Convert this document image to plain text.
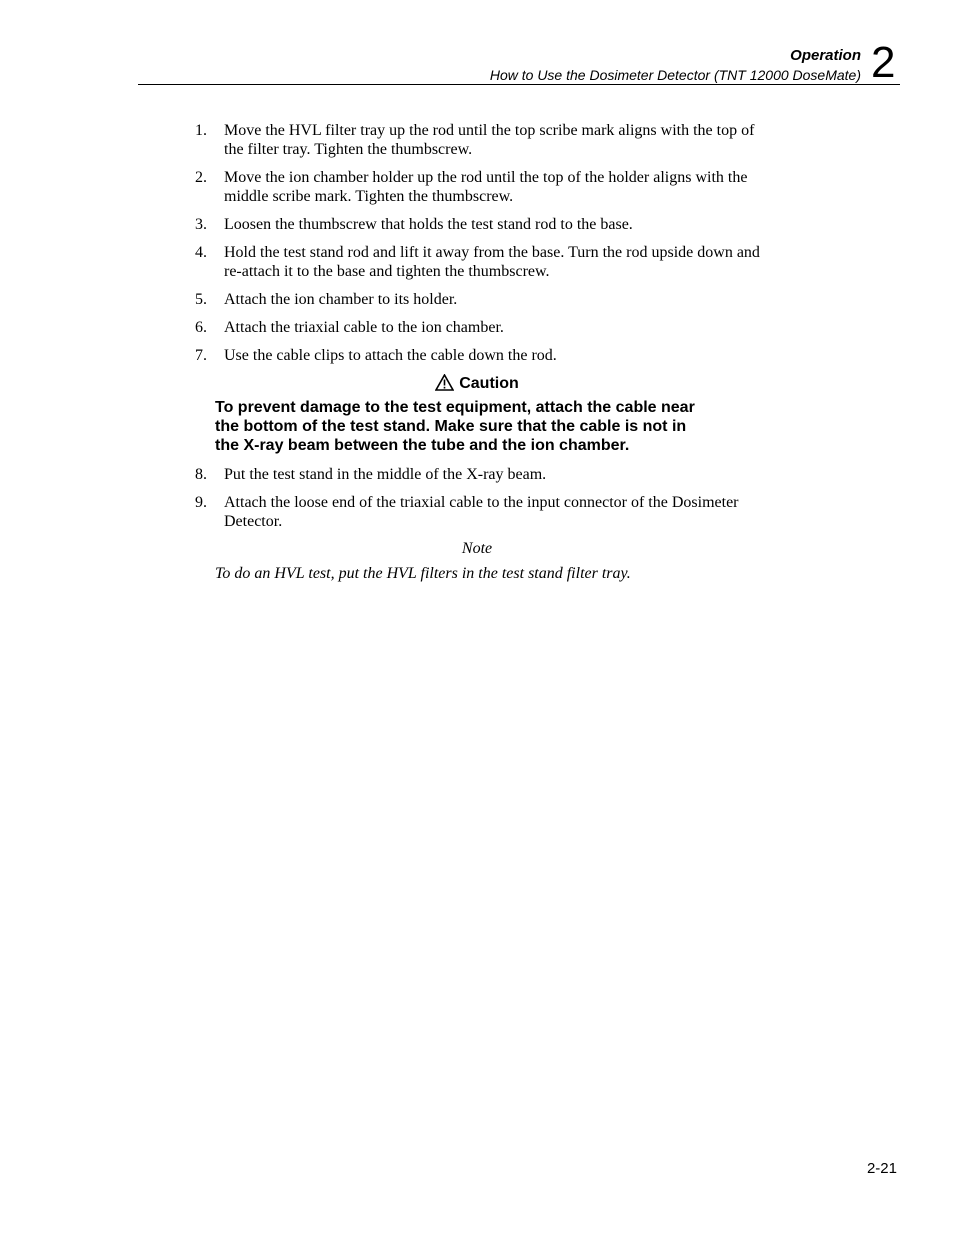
Operation
How to Use the Dosimeter Detector (TNT 12000 DoseMate) 2
1.	Move the HVL filter tray up the rod until the top scribe mark aligns with the top of
the filter tray. Tighten the thumbscrew.
2.	Move the ion chamber holder up the rod until the top of the holder aligns with the
middle scribe mark. Tighten the thumbscrew.
3.	Loosen the thumbscrew that holds the test stand rod to the base.
4.	Hold the test stand rod and lift it away from the base. Turn the rod upside down and
re-attach it to the base and tighten the thumbscrew.
5.	Attach the ion chamber to its holder.
6.	Attach the triaxial cable to the ion chamber.
7.	Use the cable clips to attach the cable down the rod.
Caution
To prevent damage to the test equipment, attach the cable near
the bottom of the test stand. Make sure that the cable is not in
the X-ray beam between the tube and the ion chamber.
8.	Put the test stand in the middle of the X-ray beam.
9.	Attach the loose end of the triaxial cable to the input connector of the Dosimeter
Detector.
Note
To do an HVL test, put the HVL filters in the test stand filter tray.
2-21
